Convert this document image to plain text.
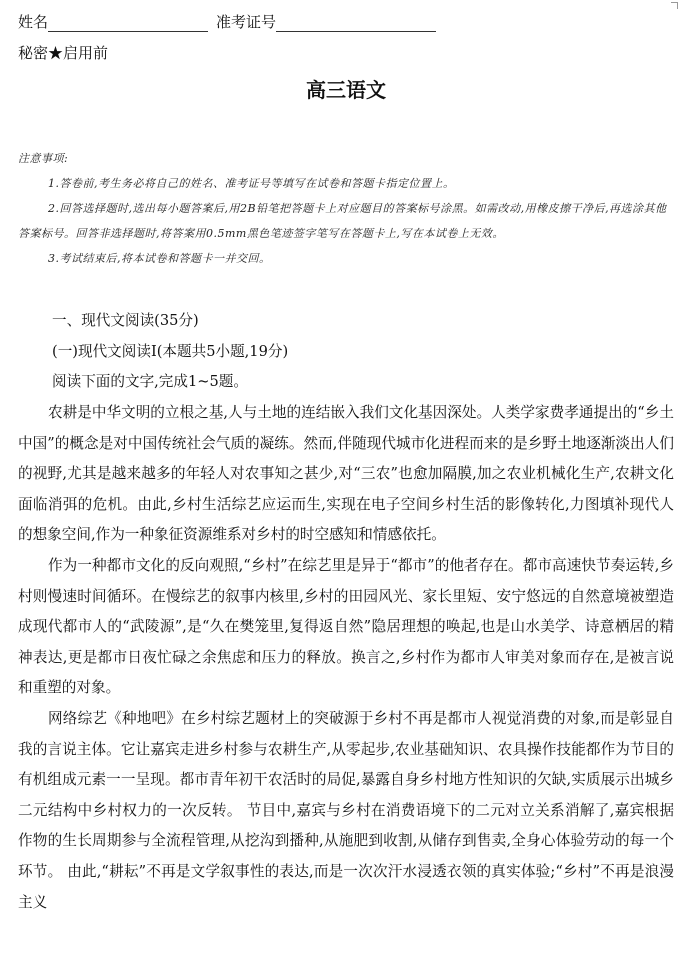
姓名	准考证号
秘密★启用前
高三语文

注意事项:

1.答卷前,考生务必将自己的姓名、准考证号等填写在试卷和答题卡指定位置上。

2.回答选择题时,选出每小题答案后,用2B铅笔把答题卡上对应题目的答案标号涂黑。如需改动,用橡皮擦干净后,再选涂其他答案标号。回答非选择题时,将答案用0.5mm黑色笔迹签字笔写在答题卡上,写在本试卷上无效。

3.考试结束后,将本试卷和答题卡一并交回。

一、现代文阅读(35分)

(一)现代文阅读Ⅰ(本题共5小题,19分)

阅读下面的文字,完成1~5题。

农耕是中华文明的立根之基,人与土地的连结嵌入我们文化基因深处。人类学家费孝通提出的“乡土中国”的概念是对中国传统社会气质的凝练。然而,伴随现代城市化进程而来的是乡野土地逐渐淡出人们的视野,尤其是越来越多的年轻人对农事知之甚少,对“三农”也愈加隔膜,加之农业机械化生产,农耕文化面临消弭的危机。由此,乡村生活综艺应运而生,实现在电子空间乡村生活的影像转化,力图填补现代人的想象空间,作为一种象征资源维系对乡村的时空感知和情感依托。

作为一种都市文化的反向观照,“乡村”在综艺里是异于“都市”的他者存在。都市高速快节奏运转,乡村则慢速时间循环。在慢综艺的叙事内核里,乡村的田园风光、家长里短、安宁悠远的自然意境被塑造成现代都市人的“武陵源”,是“久在樊笼里,复得返自然”隐居理想的唤起,也是山水美学、诗意栖居的精神表达,更是都市日夜忙碌之余焦虑和压力的释放。换言之,乡村作为都市人审美对象而存在,是被言说和重塑的对象。

网络综艺《种地吧》在乡村综艺题材上的突破源于乡村不再是都市人视觉消费的对象,而是彰显自我的言说主体。它让嘉宾走进乡村参与农耕生产,从零起步,农业基础知识、农具操作技能都作为节目的有机组成元素一一呈现。都市青年初干农活时的局促,暴露自身乡村地方性知识的欠缺,实质展示出城乡二元结构中乡村权力的一次反转。 节目中,嘉宾与乡村在消费语境下的二元对立关系消解了,嘉宾根据作物的生长周期参与全流程管理,从挖沟到播种,从施肥到收割,从储存到售卖,全身心体验劳动的每一个环节。 由此,“耕耘”不再是文学叙事性的表达,而是一次次汗水浸透衣领的真实体验;“乡村”不再是浪漫主义
